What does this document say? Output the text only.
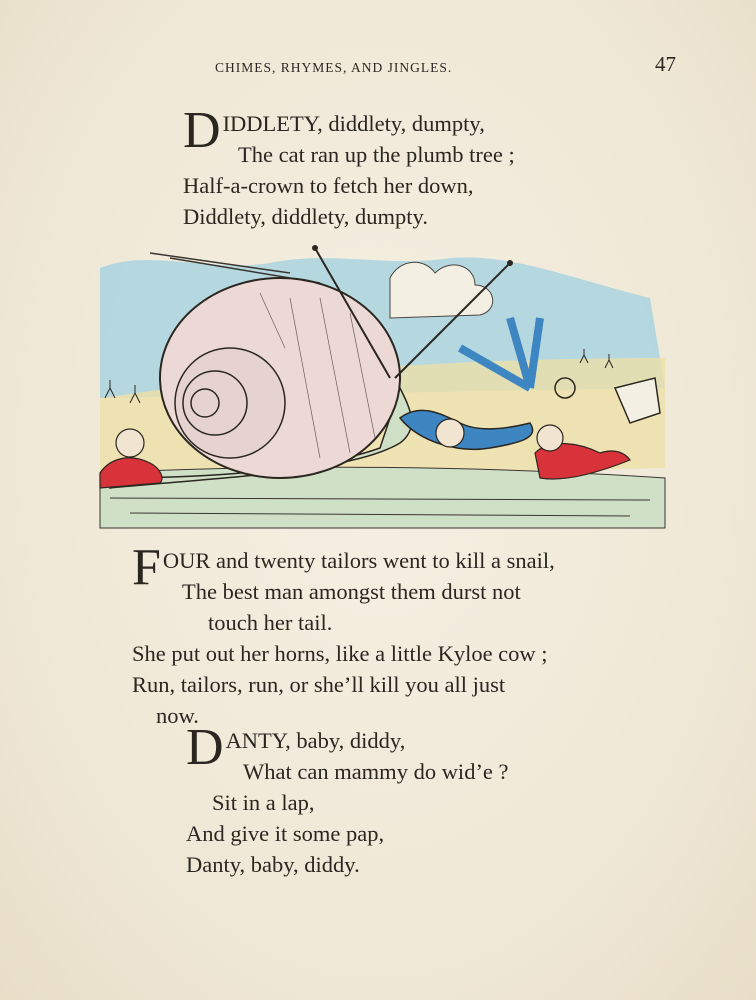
CHIMES, RHYMES, AND JINGLES.	47
DIDDLETY, diddlety, dumpty,
The cat ran up the plumb tree ;
Half-a-crown to fetch her down,
Diddlety, diddlety, dumpty.
FOUR and twenty tailors went to kill a snail,
The best man amongst them durst not
touch her tail.
She put out her horns, like a little Kyloe cow ;
Run, tailors, run, or she’ll kill you all just
now.
DANTY, baby, diddy,
What can mammy do wid’e ?
Sit in a lap,
And give it some pap,
Danty, baby, diddy.
